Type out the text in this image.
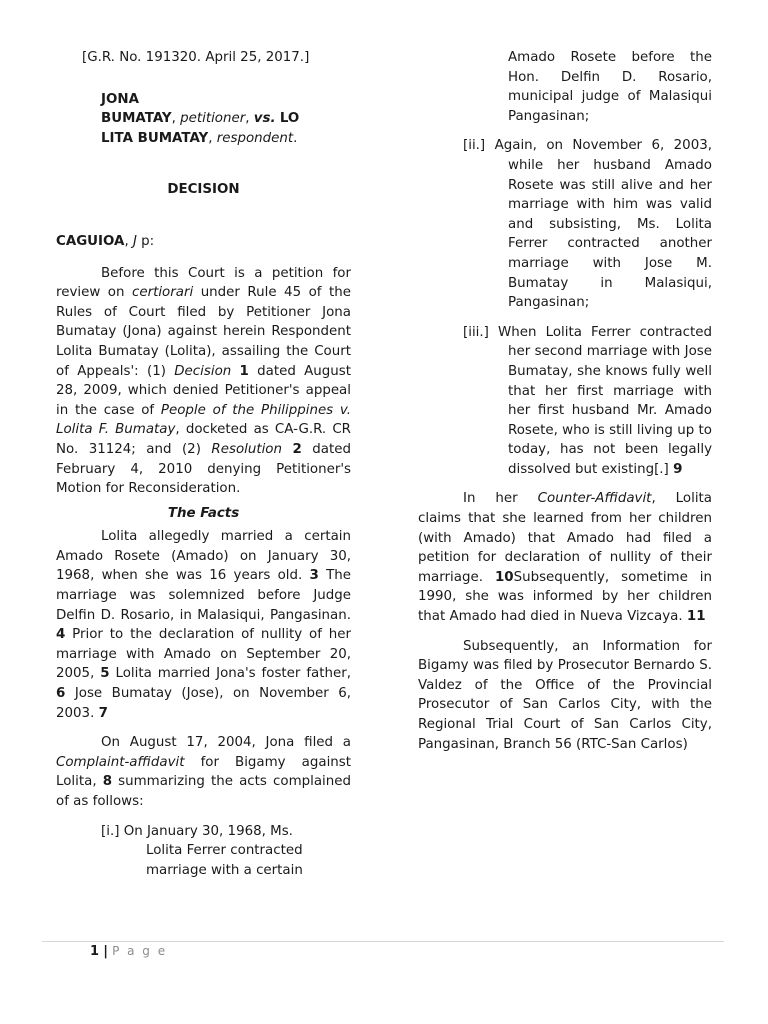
[G.R. No. 191320. April 25, 2017.]

JONA
BUMATAY, petitioner, vs. LO
LITA BUMATAY, respondent.

DECISION

CAGUIOA, J p:

Before this Court is a petition for review on certiorari under Rule 45 of the Rules of Court filed by Petitioner Jona Bumatay (Jona) against herein Respondent Lolita Bumatay (Lolita), assailing the Court of Appeals': (1) Decision 1 dated August 28, 2009, which denied Petitioner's appeal in the case of People of the Philippines v. Lolita F. Bumatay, docketed as CA-G.R. CR No. 31124; and (2) Resolution 2 dated February 4, 2010 denying Petitioner's Motion for Reconsideration.

The Facts

Lolita allegedly married a certain Amado Rosete (Amado) on January 30, 1968, when she was 16 years old. 3 The marriage was solemnized before Judge Delfin D. Rosario, in Malasiqui, Pangasinan. 4 Prior to the declaration of nullity of her marriage with Amado on September 20, 2005, 5 Lolita married Jona's foster father, 6 Jose Bumatay (Jose), on November 6, 2003. 7

On August 17, 2004, Jona filed a Complaint-affidavit for Bigamy against Lolita, 8 summarizing the acts complained of as follows:

[i.] On January 30, 1968, Ms. Lolita Ferrer contracted marriage with a certain

Amado Rosete before the Hon. Delfin D. Rosario, municipal judge of Malasiqui Pangasinan;

[ii.] Again, on November 6, 2003, while her husband Amado Rosete was still alive and her marriage with him was valid and subsisting, Ms. Lolita Ferrer contracted another marriage with Jose M. Bumatay in Malasiqui, Pangasinan;

[iii.] When Lolita Ferrer contracted her second marriage with Jose Bumatay, she knows fully well that her first marriage with her first husband Mr. Amado Rosete, who is still living up to today, has not been legally dissolved but existing[.] 9

In her Counter-Affidavit, Lolita claims that she learned from her children (with Amado) that Amado had filed a petition for declaration of nullity of their marriage. 10Subsequently, sometime in 1990, she was informed by her children that Amado had died in Nueva Vizcaya. 11

Subsequently, an Information for Bigamy was filed by Prosecutor Bernardo S. Valdez of the Office of the Provincial Prosecutor of San Carlos City, with the Regional Trial Court of San Carlos City, Pangasinan, Branch 56 (RTC-San Carlos)

1 | P a g e
